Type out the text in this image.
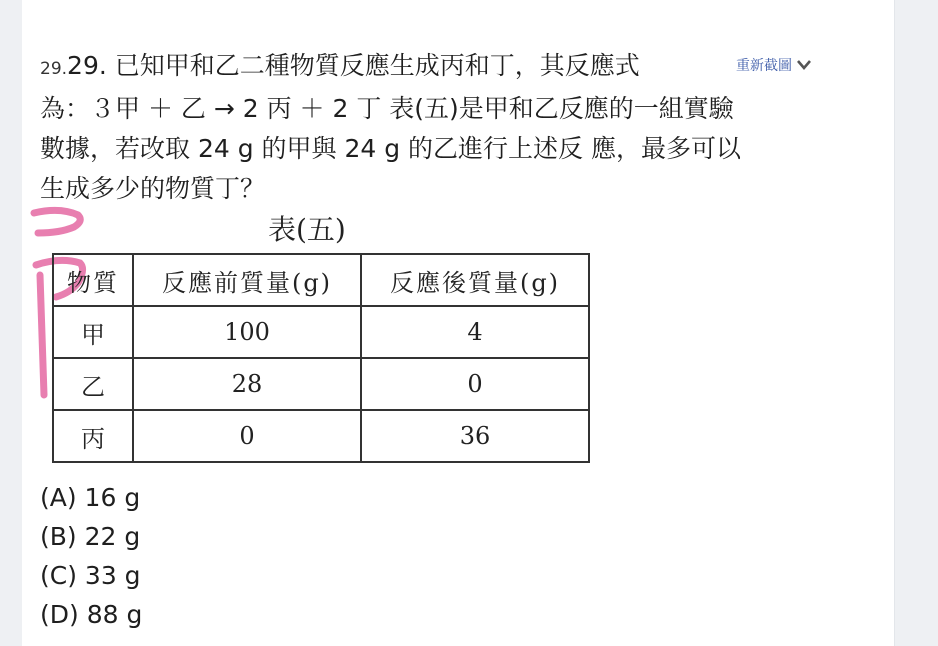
29.29. 已知甲和乙二種物質反應生成丙和丁，其反應式
為：３甲 ＋ 乙 → 2 丙 ＋ 2 丁 表(五)是甲和乙反應的一組實驗
數據，若改取 24 g 的甲與 24 g 的乙進行上述反 應，最多可以
生成多少的物質丁？
重新截圖
表(五)
物質	反應前質量(g)	反應後質量(g)
甲	100	4
乙	28	0
丙	0	36
(A) 16 g
(B) 22 g
(C) 33 g
(D) 88 g
